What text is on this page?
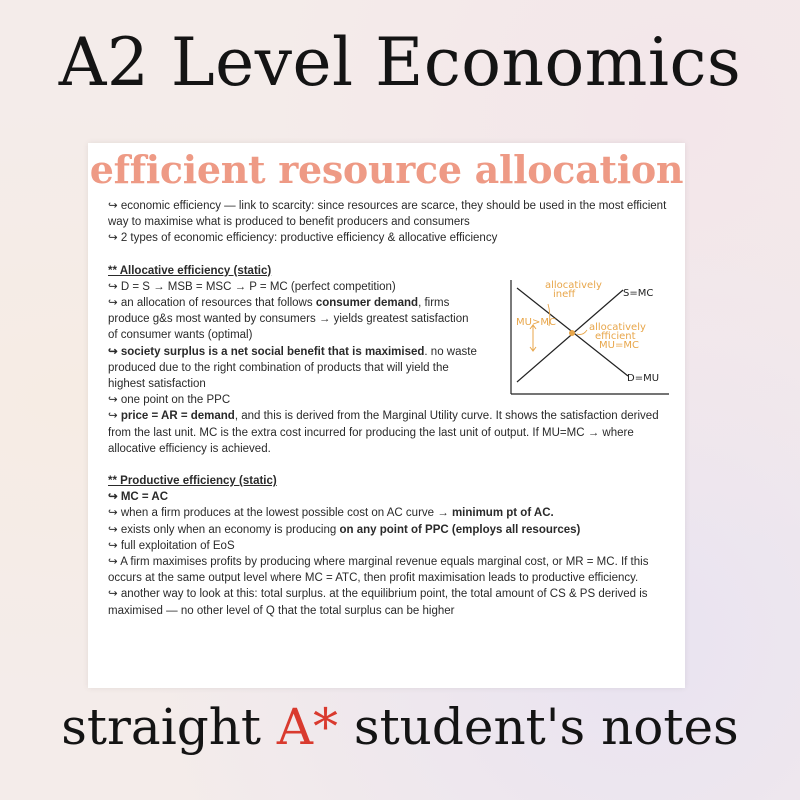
A2 Level Economics
efficient resource allocation

↪ economic efficiency — link to scarcity: since resources are scarce, they should be used in the most efficient way to maximise what is produced to benefit producers and consumers

↪ 2 types of economic efficiency: productive efficiency & allocative efficiency

** Allocative efficiency (static)

↪ D = S → MSB = MSC → P = MC (perfect competition)

↪ an allocation of resources that follows consumer demand, firms produce g&s most wanted by consumers → yields greatest satisfaction of consumer wants (optimal)

↪ society surplus is a net social benefit that is maximised. no waste produced due to the right combination of products that will yield the highest satisfaction

↪ one point on the PPC

↪ price = AR = demand, and this is derived from the Marginal Utility curve. It shows the satisfaction derived from the last unit. MC is the extra cost incurred for producing the last unit of output. If MU=MC → where allocative efficiency is achieved.

** Productive efficiency (static)

↪ MC = AC

↪ when a firm produces at the lowest possible cost on AC curve → minimum pt of AC.

↪ exists only when an economy is producing on any point of PPC (employs all resources)

↪ full exploitation of EoS

↪ A firm maximises profits by producing where marginal revenue equals marginal cost, or MR = MC. If this occurs at the same output level where MC = ATC, then profit maximisation leads to productive efficiency.

↪ another way to look at this: total surplus. at the equilibrium point, the total amount of CS & PS derived is maximised — no other level of Q that the total surplus can be higher

allocatively
ineff
allocatively
efficient
MU=MC
MU>MC
S=MC
D=MU
straight A* student's notes
